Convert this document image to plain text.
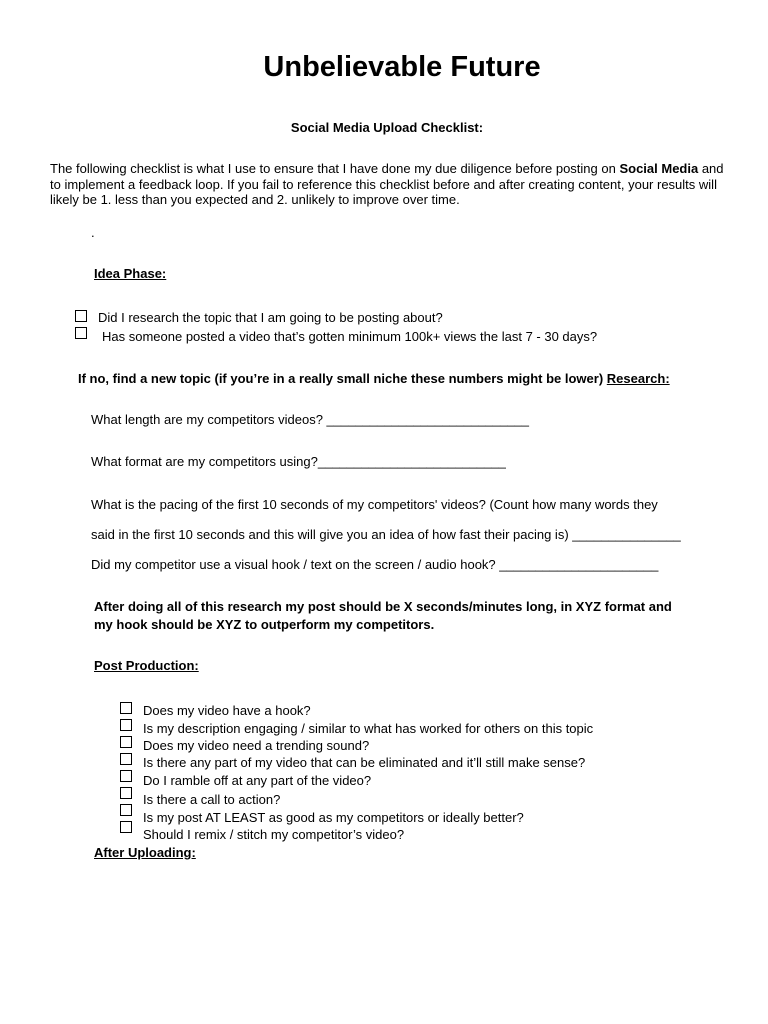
Unbelievable Future
Social Media Upload Checklist:
The following checklist is what I use to ensure that I have done my due diligence before posting on Social Media and to implement a feedback loop. If you fail to reference this checklist before and after creating content, your results will likely be 1. less than you expected and 2. unlikely to improve over time.
.
Idea Phase:
Did I research the topic that I am going to be posting about?
Has someone posted a video that’s gotten minimum 100k+ views the last 7 - 30 days?
If no, find a new topic (if you’re in a really small niche these numbers might be lower) Research:
What length are my competitors videos? ____________________________
What format are my competitors using?__________________________
What is the pacing of the first 10 seconds of my competitors' videos? (Count how many words they
said in the first 10 seconds and this will give you an idea of how fast their pacing is) _______________
Did my competitor use a visual hook / text on the screen / audio hook? ______________________
After doing all of this research my post should be X seconds/minutes long, in XYZ format and
my hook should be XYZ to outperform my competitors.
Post Production:
Does my video have a hook?
Is my description engaging / similar to what has worked for others on this topic
Does my video need a trending sound?
Is there any part of my video that can be eliminated and it’ll still make sense?
Do I ramble off at any part of the video?
Is there a call to action?
Is my post AT LEAST as good as my competitors or ideally better?
Should I remix / stitch my competitor’s video?
After Uploading:
